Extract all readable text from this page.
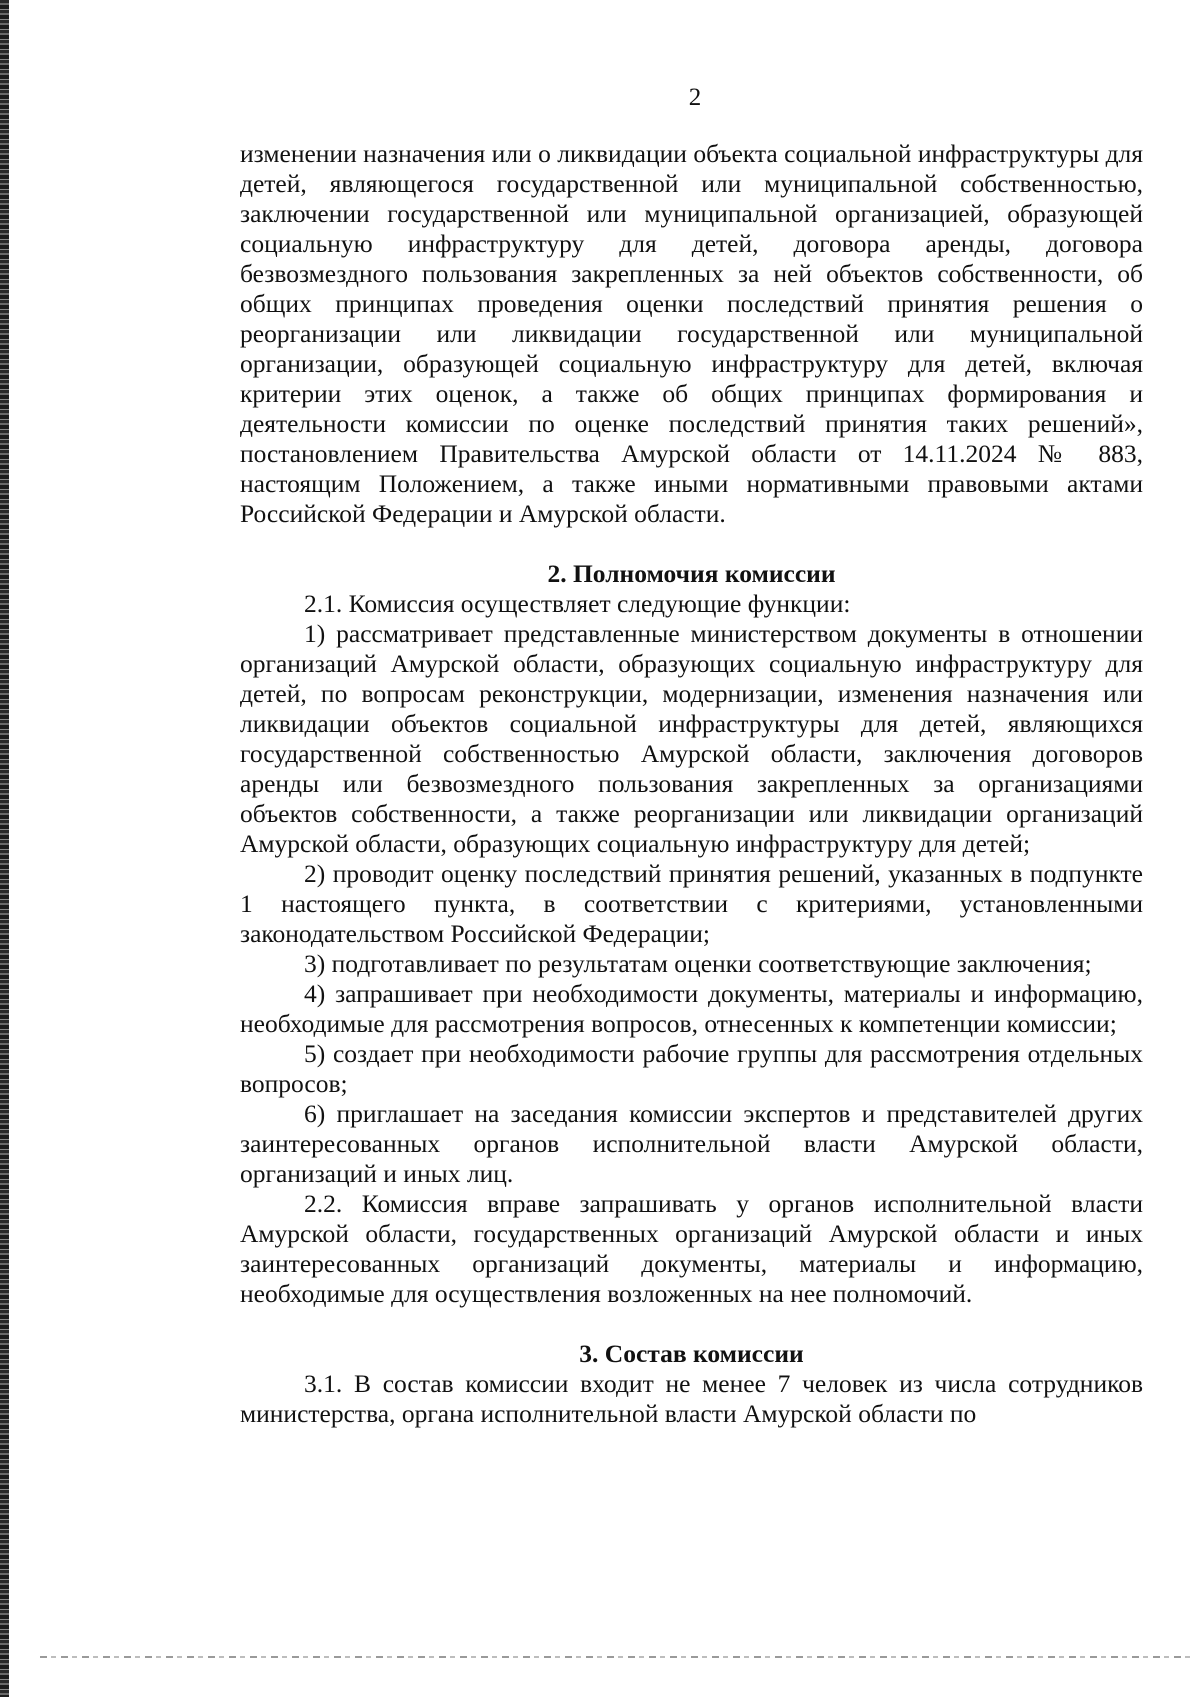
2

изменении назначения или о ликвидации объекта социальной инфраструктуры для детей, являющегося государственной или муниципальной собственностью, заключении государственной или муниципальной организацией, образующей социальную инфраструктуру для детей, договора аренды, договора безвозмездного пользования закрепленных за ней объектов собственности, об общих принципах проведения оценки последствий принятия решения о реорганизации или ликвидации государственной или муниципальной организации, образующей социальную инфраструктуру для детей, включая критерии этих оценок, а также об общих принципах формирования и деятельности комиссии по оценке последствий принятия таких решений», постановлением Правительства Амурской области от 14.11.2024 № 883, настоящим Положением, а также иными нормативными правовыми актами Российской Федерации и Амурской области.

2. Полномочия комиссии

2.1. Комиссия осуществляет следующие функции:

1) рассматривает представленные министерством документы в отношении организаций Амурской области, образующих социальную инфраструктуру для детей, по вопросам реконструкции, модернизации, изменения назначения или ликвидации объектов социальной инфраструктуры для детей, являющихся государственной собственностью Амурской области, заключения договоров аренды или безвозмездного пользования закрепленных за организациями объектов собственности, а также реорганизации или ликвидации организаций Амурской области, образующих социальную инфраструктуру для детей;

2) проводит оценку последствий принятия решений, указанных в подпункте 1 настоящего пункта, в соответствии с критериями, установленными законодательством Российской Федерации;

3) подготавливает по результатам оценки соответствующие заключения;

4) запрашивает при необходимости документы, материалы и информацию, необходимые для рассмотрения вопросов, отнесенных к компетенции комиссии;

5) создает при необходимости рабочие группы для рассмотрения отдельных вопросов;

6) приглашает на заседания комиссии экспертов и представителей других заинтересованных органов исполнительной власти Амурской области, организаций и иных лиц.

2.2. Комиссия вправе запрашивать у органов исполнительной власти Амурской области, государственных организаций Амурской области и иных заинтересованных организаций документы, материалы и информацию, необходимые для осуществления возложенных на нее полномочий.

3. Состав комиссии

3.1. В состав комиссии входит не менее 7 человек из числа сотрудников министерства, органа исполнительной власти Амурской области по
